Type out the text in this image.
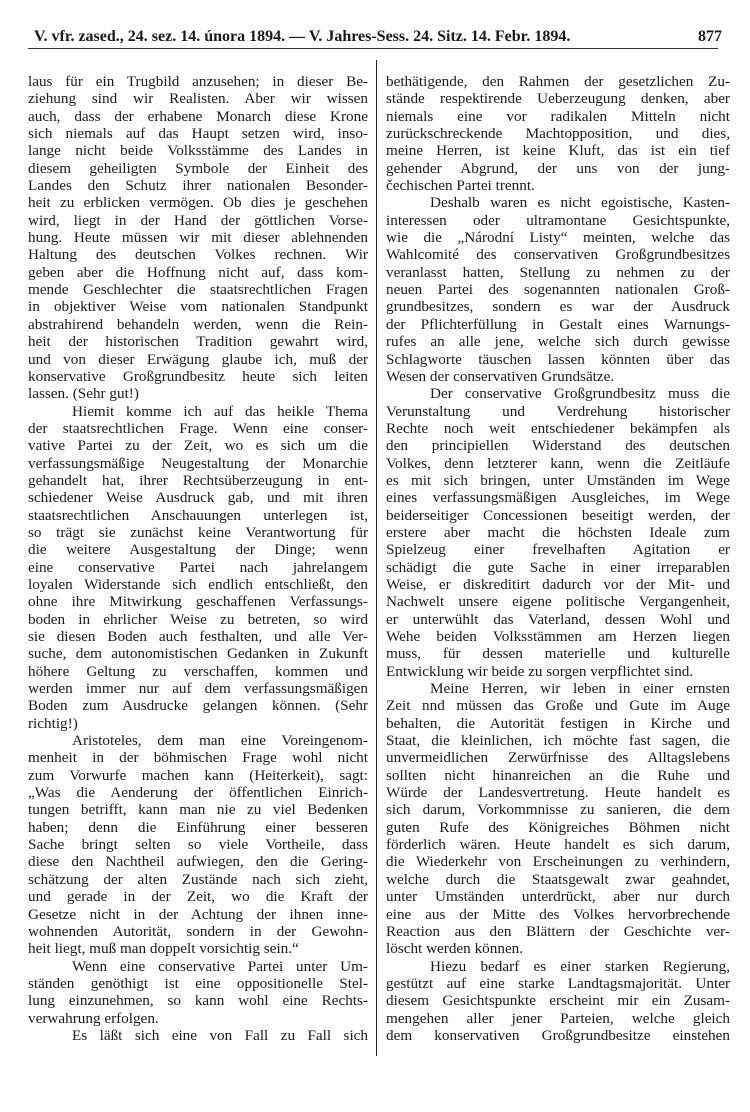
V. vfr. zased., 24. sez. 14. února 1894. — V. Jahres-Sess. 24. Sitz. 14. Febr. 1894.	877
laus für ein Trugbild anzusehen; in dieser Be-
ziehung sind wir Realisten. Aber wir wissen
auch, dass der erhabene Monarch diese Krone
sich niemals auf das Haupt setzen wird, inso-
lange nicht beide Volksstämme des Landes in
diesem geheiligten Symbole der Einheit des
Landes den Schutz ihrer nationalen Besonder-
heit zu erblicken vermögen. Ob dies je geschehen
wird, liegt in der Hand der göttlichen Vorse-
hung. Heute müssen wir mit dieser ablehnenden
Haltung des deutschen Volkes rechnen. Wir
geben aber die Hoffnung nicht auf, dass kom-
mende Geschlechter die staatsrechtlichen Fragen
in objektiver Weise vom nationalen Standpunkt
abstrahirend behandeln werden, wenn die Rein-
heit der historischen Tradition gewahrt wird,
und von dieser Erwägung glaube ich, muß der
konservative Großgrundbesitz heute sich leiten
lassen. (Sehr gut!)
Hiemit komme ich auf das heikle Thema
der staatsrechtlichen Frage. Wenn eine conser-
vative Partei zu der Zeit, wo es sich um die
verfassungsmäßige Neugestaltung der Monarchie
gehandelt hat, ihrer Rechtsüberzeugung in ent-
schiedener Weise Ausdruck gab, und mit ihren
staatsrechtlichen Anschauungen unterlegen ist,
so trägt sie zunächst keine Verantwortung für
die weitere Ausgestaltung der Dinge; wenn
eine conservative Partei nach jahrelangem
loyalen Widerstande sich endlich entschließt, den
ohne ihre Mitwirkung geschaffenen Verfassungs-
boden in ehrlicher Weise zu betreten, so wird
sie diesen Boden auch festhalten, und alle Ver-
suche, dem autonomistischen Gedanken in Zukunft
höhere Geltung zu verschaffen, kommen und
werden immer nur auf dem verfassungsmäßigen
Boden zum Ausdrucke gelangen können. (Sehr
richtig!)
Aristoteles, dem man eine Voreingenom-
menheit in der böhmischen Frage wohl nicht
zum Vorwurfe machen kann (Heiterkeit), sagt:
„Was die Aenderung der öffentlichen Einrich-
tungen betrifft, kann man nie zu viel Bedenken
haben; denn die Einführung einer besseren
Sache bringt selten so viele Vortheile, dass
diese den Nachtheil aufwiegen, den die Gering-
schätzung der alten Zustände nach sich zieht,
und gerade in der Zeit, wo die Kraft der
Gesetze nicht in der Achtung der ihnen inne-
wohnenden Autorität, sondern in der Gewohn-
heit liegt, muß man doppelt vorsichtig sein.“
Wenn eine conservative Partei unter Um-
ständen genöthigt ist eine oppositionelle Stel-
lung einzunehmen, so kann wohl eine Rechts-
verwahrung erfolgen.
Es läßt sich eine von Fall zu Fall sich
bethätigende, den Rahmen der gesetzlichen Zu-
stände respektirende Ueberzeugung denken, aber
niemals eine vor radikalen Mitteln nicht
zurückschreckende Machtopposition, und dies,
meine Herren, ist keine Kluft, das ist ein tief
gehender Abgrund, der uns von der jung-
čechischen Partei trennt.
Deshalb waren es nicht egoistische, Kasten-
interessen oder ultramontane Gesichtspunkte,
wie die „Národní Listy“ meinten, welche das
Wahlcomité des conservativen Großgrundbesitzes
veranlasst hatten, Stellung zu nehmen zu der
neuen Partei des sogenannten nationalen Groß-
grundbesitzes, sondern es war der Ausdruck
der Pflichterfüllung in Gestalt eines Warnungs-
rufes an alle jene, welche sich durch gewisse
Schlagworte täuschen lassen könnten über das
Wesen der conservativen Grundsätze.
Der conservative Großgrundbesitz muss die
Verunstaltung und Verdrehung historischer
Rechte noch weit entschiedener bekämpfen als
den principiellen Widerstand des deutschen
Volkes, denn letzterer kann, wenn die Zeitläufe
es mit sich bringen, unter Umständen im Wege
eines verfassungsmäßigen Ausgleiches, im Wege
beiderseitiger Concessionen beseitigt werden, der
erstere aber macht die höchsten Ideale zum
Spielzeug einer frevelhaften Agitation er
schädigt die gute Sache in einer irreparablen
Weise, er diskreditirt dadurch vor der Mit- und
Nachwelt unsere eigene politische Vergangenheit,
er unterwühlt das Vaterland, dessen Wohl und
Wehe beiden Volksstämmen am Herzen liegen
muss, für dessen materielle und kulturelle
Entwicklung wir beide zu sorgen verpflichtet sind.
Meine Herren, wir leben in einer ernsten
Zeit nnd müssen das Große und Gute im Auge
behalten, die Autorität festigen in Kirche und
Staat, die kleinlichen, ich möchte fast sagen, die
unvermeidlichen Zerwürfnisse des Alltagslebens
sollten nicht hinanreichen an die Ruhe und
Würde der Landesvertretung. Heute handelt es
sich darum, Vorkommnisse zu sanieren, die dem
guten Rufe des Königreiches Böhmen nicht
förderlich wären. Heute handelt es sich darum,
die Wiederkehr von Erscheinungen zu verhindern,
welche durch die Staatsgewalt zwar geahndet,
unter Umständen unterdrückt, aber nur durch
eine aus der Mitte des Volkes hervorbrechende
Reaction aus den Blättern der Geschichte ver-
löscht werden können.
Hiezu bedarf es einer starken Regierung,
gestützt auf eine starke Landtagsmajorität. Unter
diesem Gesichtspunkte erscheint mir ein Zusam-
mengehen aller jener Parteien, welche gleich
dem konservativen Großgrundbesitze einstehen
